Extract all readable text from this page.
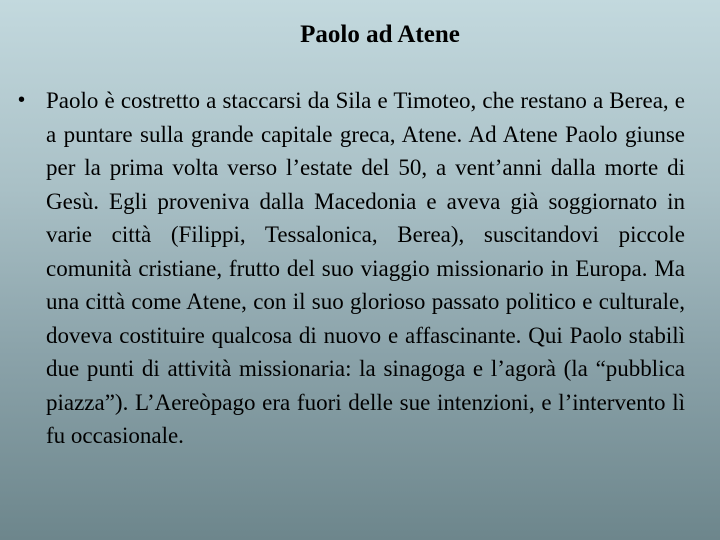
Paolo ad Atene
• Paolo è costretto a staccarsi da Sila e Timoteo, che restano a Berea, e a puntare sulla grande capitale greca, Atene. Ad Atene Paolo giunse per la prima volta verso l’estate del 50, a vent’anni dalla morte di Gesù. Egli proveniva dalla Macedonia e aveva già soggiornato in varie città (Filippi, Tessalonica, Berea), suscitandovi piccole comunità cristiane, frutto del suo viaggio missionario in Europa. Ma una città come Atene, con il suo glorioso passato politico e culturale, doveva costituire qualcosa di nuovo e affascinante. Qui Paolo stabilì due punti di attività missionaria: la sinagoga e l’agorà (la “pubblica piazza”). L’Aereòpago era fuori delle sue intenzioni, e l’intervento lì fu occasionale.
